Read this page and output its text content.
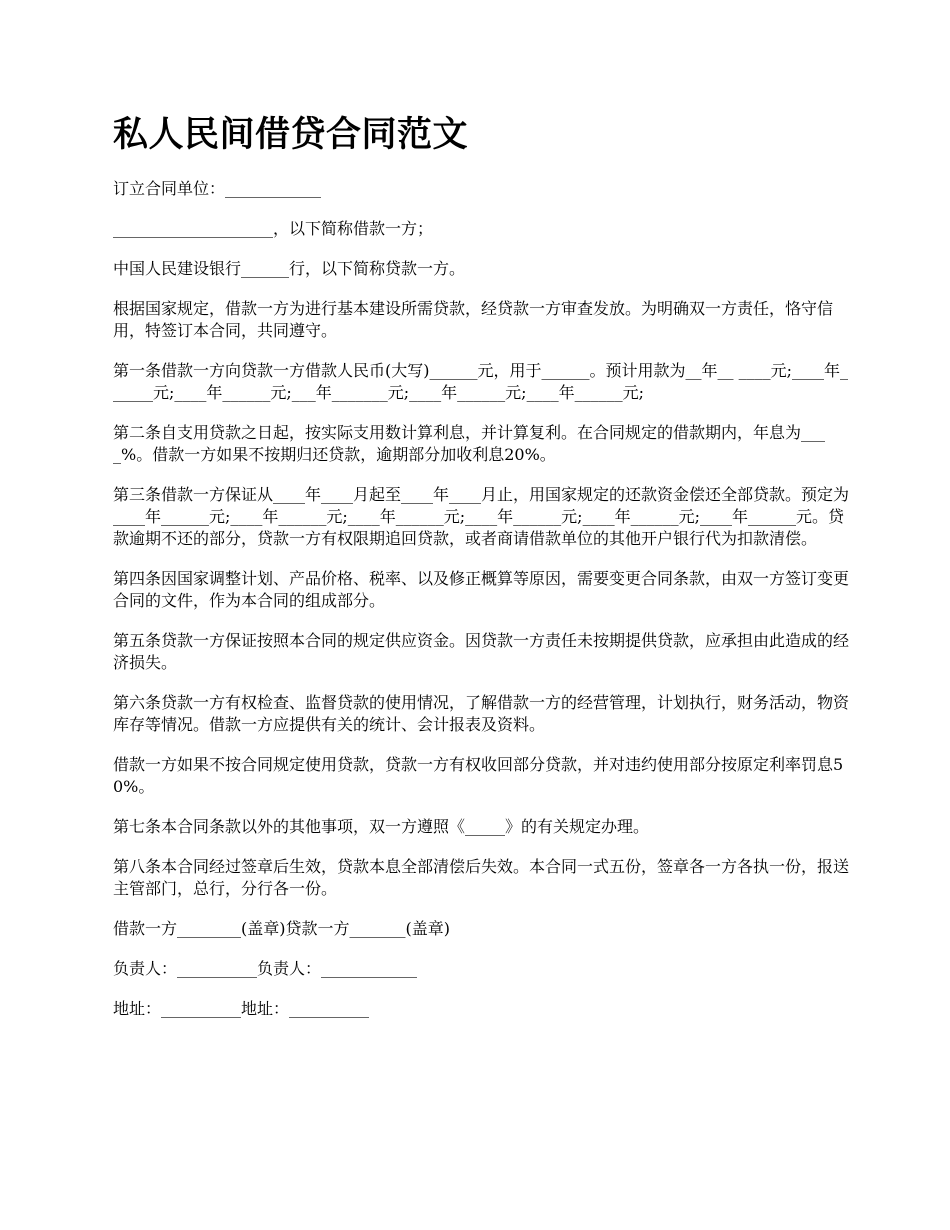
私人民间借贷合同范文

订立合同单位：____________

____________________，以下简称借款一方；

中国人民建设银行______行，以下简称贷款一方。

根据国家规定，借款一方为进行基本建设所需贷款，经贷款一方审查发放。为明确双一方责任，恪守信用，特签订本合同，共同遵守。

第一条借款一方向贷款一方借款人民币(大写)______元，用于______。预计用款为__年__ ____元;____年______元;____年______元;___年_______元;____年______元;____年______元;

第二条自支用贷款之日起，按实际支用数计算利息，并计算复利。在合同规定的借款期内，年息为____%。借款一方如果不按期归还贷款，逾期部分加收利息20%。

第三条借款一方保证从____年____月起至____年____月止，用国家规定的还款资金偿还全部贷款。预定为____年______元;____年______元;____年______元;____年______元;____年______元;____年______元。贷款逾期不还的部分，贷款一方有权限期追回贷款，或者商请借款单位的其他开户银行代为扣款清偿。

第四条因国家调整计划、产品价格、税率、以及修正概算等原因，需要变更合同条款，由双一方签订变更合同的文件，作为本合同的组成部分。

第五条贷款一方保证按照本合同的规定供应资金。因贷款一方责任未按期提供贷款，应承担由此造成的经济损失。

第六条贷款一方有权检查、监督贷款的使用情况，了解借款一方的经营管理，计划执行，财务活动，物资库存等情况。借款一方应提供有关的统计、会计报表及资料。

借款一方如果不按合同规定使用贷款，贷款一方有权收回部分贷款，并对违约使用部分按原定利率罚息50%。

第七条本合同条款以外的其他事项，双一方遵照《_____》的有关规定办理。

第八条本合同经过签章后生效，贷款本息全部清偿后失效。本合同一式五份，签章各一方各执一份，报送主管部门，总行，分行各一份。

借款一方________(盖章)贷款一方_______(盖章)

负责人：__________负责人：____________

地址：__________地址：__________
